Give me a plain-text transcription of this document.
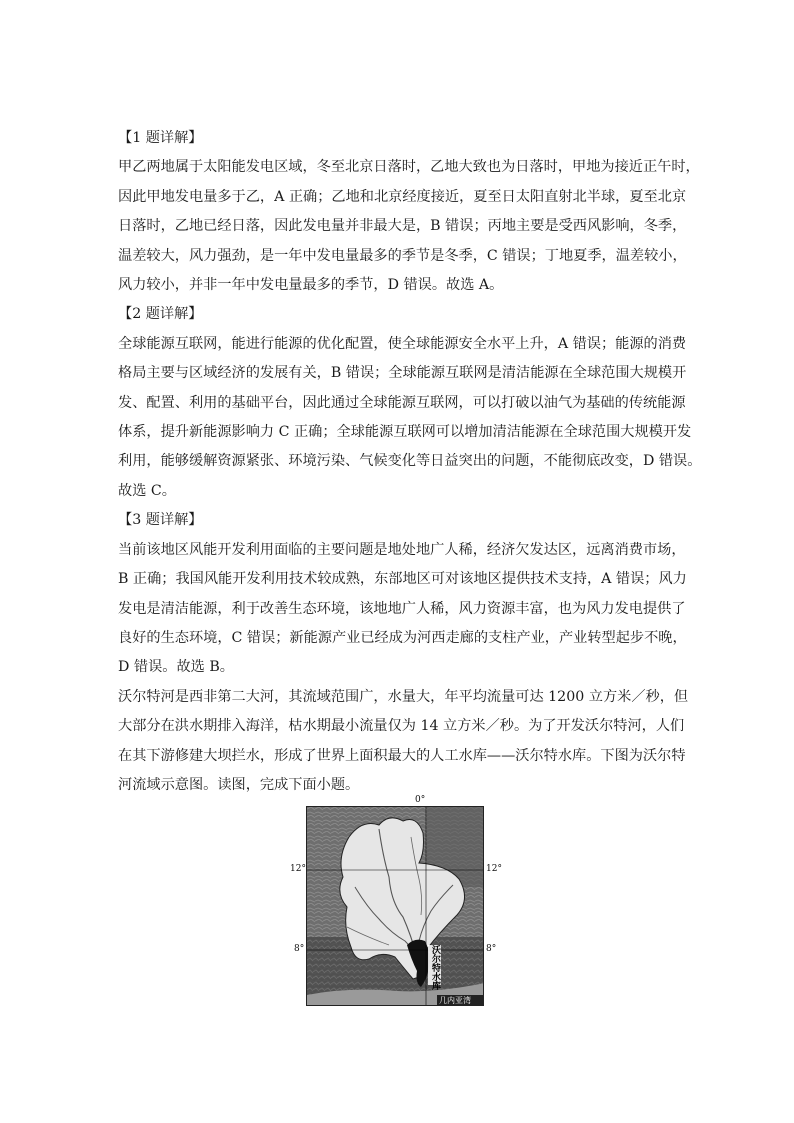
【1 题详解】

甲乙两地属于太阳能发电区域，冬至北京日落时，乙地大致也为日落时，甲地为接近正午时，

因此甲地发电量多于乙，A 正确；乙地和北京经度接近，夏至日太阳直射北半球，夏至北京

日落时，乙地已经日落，因此发电量并非最大是，B 错误；丙地主要是受西风影响，冬季，

温差较大，风力强劲，是一年中发电量最多的季节是冬季，C 错误；丁地夏季，温差较小，

风力较小，并非一年中发电量最多的季节，D 错误。故选 A。

【2 题详解】

全球能源互联网，能进行能源的优化配置，使全球能源安全水平上升，A 错误；能源的消费

格局主要与区域经济的发展有关，B 错误；全球能源互联网是清洁能源在全球范围大规模开

发、配置、利用的基础平台，因此通过全球能源互联网，可以打破以油气为基础的传统能源

体系，提升新能源影响力 C 正确；全球能源互联网可以增加清洁能源在全球范围大规模开发

利用，能够缓解资源紧张、环境污染、气候变化等日益突出的问题，不能彻底改变，D 错误。

故选 C。

【3 题详解】

当前该地区风能开发利用面临的主要问题是地处地广人稀，经济欠发达区，远离消费市场，

B 正确；我国风能开发利用技术较成熟，东部地区可对该地区提供技术支持，A 错误；风力

发电是清洁能源，利于改善生态环境，该地地广人稀，风力资源丰富，也为风力发电提供了

良好的生态环境，C 错误；新能源产业已经成为河西走廊的支柱产业，产业转型起步不晚，

D 错误。故选 B。

沃尔特河是西非第二大河，其流域范围广，水量大，年平均流量可达 1200 立方米／秒，但

大部分在洪水期排入海洋，枯水期最小流量仅为 14 立方米／秒。为了开发沃尔特河，人们

在其下游修建大坝拦水，形成了世界上面积最大的人工水库——沃尔特水库。下图为沃尔特

河流域示意图。读图，完成下面小题。

0°
12°	12°
8°	8°
沃尔特水库
几内亚湾
